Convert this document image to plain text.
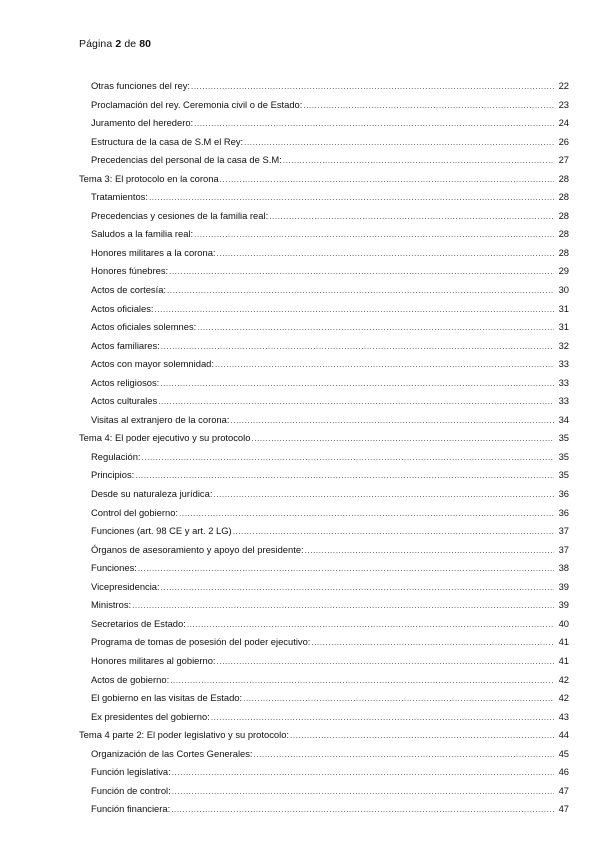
Página 2 de 80
Otras funciones del rey: .....	22
Proclamación del rey. Ceremonia civil o de Estado: .....	23
Juramento del heredero: .....	24
Estructura de la casa de S.M el Rey: .....	26
Precedencias del personal de la casa de S.M: .....	27
Tema 3: El protocolo en la corona .....	28
Tratamientos: .....	28
Precedencias y cesiones de la familia real: .....	28
Saludos a la familia real: .....	28
Honores militares a la corona: .....	28
Honores fúnebres: .....	29
Actos de cortesía: .....	30
Actos oficiales: .....	31
Actos oficiales solemnes: .....	31
Actos familiares: .....	32
Actos con mayor solemnidad: .....	33
Actos religiosos: .....	33
Actos culturales .....	33
Visitas al extranjero de la corona: .....	34
Tema 4: El poder ejecutivo y su protocolo .....	35
Regulación: .....	35
Principios: .....	35
Desde su naturaleza jurídica: .....	36
Control del gobierno: .....	36
Funciones (art. 98 CE y art. 2 LG) .....	37
Órganos de asesoramiento y apoyo del presidente: .....	37
Funciones: .....	38
Vicepresidencia: .....	39
Ministros: .....	39
Secretarios de Estado: .....	40
Programa de tomas de posesión del poder ejecutivo: .....	41
Honores militares al gobierno: .....	41
Actos de gobierno: .....	42
El gobierno en las visitas de Estado: .....	42
Ex presidentes del gobierno: .....	43
Tema 4 parte 2: El poder legislativo y su protocolo: .....	44
Organización de las Cortes Generales: .....	45
Función legislativa: .....	46
Función de control: .....	47
Función financiera: .....	47
